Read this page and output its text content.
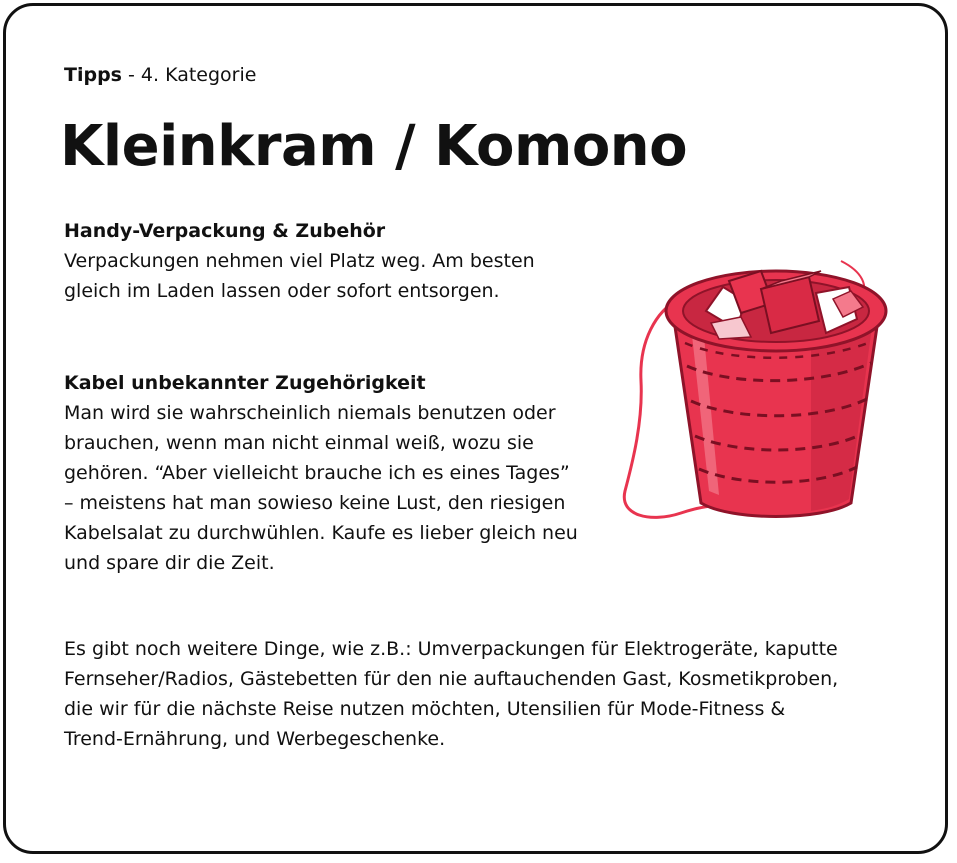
Tipps - 4. Kategorie
Kleinkram / Komono
Handy-Verpackung & Zubehör

Verpackungen nehmen viel Platz weg. Am besten
gleich im Laden lassen oder sofort entsorgen.

Kabel unbekannter Zugehörigkeit

Man wird sie wahrscheinlich niemals benutzen oder
brauchen, wenn man nicht einmal weiß, wozu sie
gehören. “Aber vielleicht brauche ich es eines Tages”
– meistens hat man sowieso keine Lust, den riesigen
Kabelsalat zu durchwühlen. Kaufe es lieber gleich neu
und spare dir die Zeit.

Es gibt noch weitere Dinge, wie z.B.: Umverpackungen für Elektrogeräte, kaputte
Fernseher/Radios, Gästebetten für den nie auftauchenden Gast, Kosmetikproben,
die wir für die nächste Reise nutzen möchten, Utensilien für Mode-Fitness &
Trend-Ernährung, und Werbegeschenke.
